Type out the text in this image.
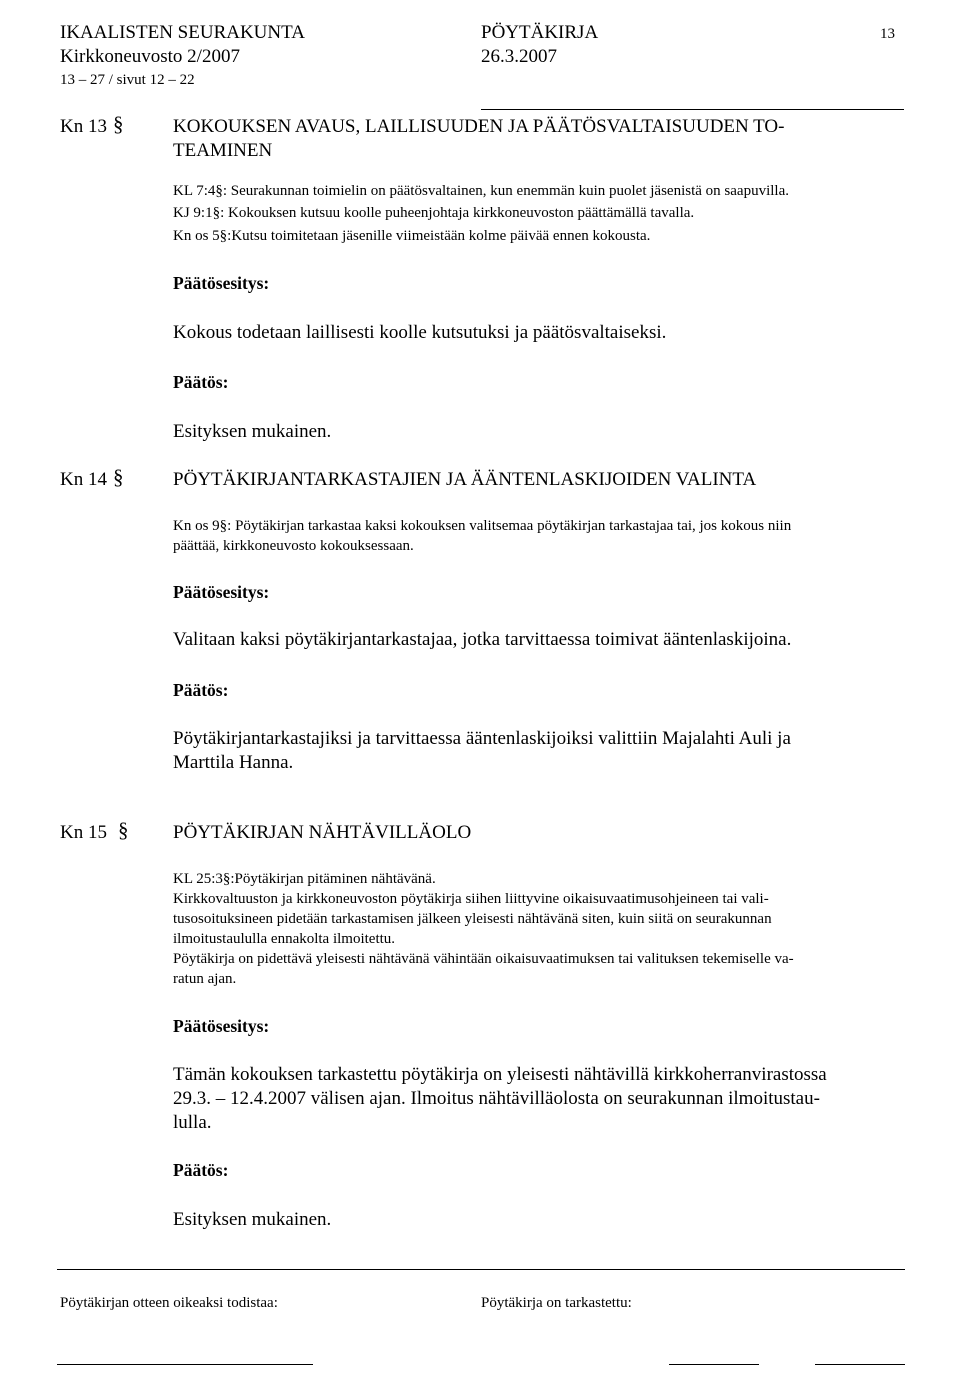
IKAALISTEN SEURAKUNTA	PÖYTÄKIRJA	13
Kirkkoneuvosto 2/2007	26.3.2007
13 – 27 / sivut 12 – 22
Kn 13 §	KOKOUKSEN AVAUS, LAILLISUUDEN JA PÄÄTÖSVALTAISUUDEN TO-
TEAMINEN
KL 7:4§: Seurakunnan toimielin on päätösvaltainen, kun enemmän kuin puolet jäsenistä on saapuvilla.
KJ 9:1§: Kokouksen kutsuu koolle puheenjohtaja kirkkoneuvoston päättämällä tavalla.
Kn os 5§:Kutsu toimitetaan jäsenille viimeistään kolme päivää ennen kokousta.
Päätösesitys:
Kokous todetaan laillisesti koolle kutsutuksi ja päätösvaltaiseksi.
Päätös:
Esityksen mukainen.
Kn 14 §	PÖYTÄKIRJANTARKASTAJIEN JA ÄÄNTENLASKIJOIDEN VALINTA
Kn os 9§: Pöytäkirjan tarkastaa kaksi kokouksen valitsemaa pöytäkirjan tarkastajaa tai, jos kokous niin
päättää, kirkkoneuvosto kokouksessaan.
Päätösesitys:
Valitaan kaksi pöytäkirjantarkastajaa, jotka tarvittaessa toimivat ääntenlaskijoina.
Päätös:
Pöytäkirjantarkastajiksi ja tarvittaessa ääntenlaskijoiksi valittiin Majalahti Auli ja
Marttila Hanna.
Kn 15 § PÖYTÄKIRJAN NÄHTÄVILLÄOLO
KL 25:3§:Pöytäkirjan pitäminen nähtävänä.
Kirkkovaltuuston ja kirkkoneuvoston pöytäkirja siihen liittyvine oikaisuvaatimusohjeineen tai vali-
tusosoituksineen pidetään tarkastamisen jälkeen yleisesti nähtävänä siten, kuin siitä on seurakunnan
ilmoitustaululla ennakolta ilmoitettu.
Pöytäkirja on pidettävä yleisesti nähtävänä vähintään oikaisuvaatimuksen tai valituksen tekemiselle va-
ratun ajan.
Päätösesitys:
Tämän kokouksen tarkastettu pöytäkirja on yleisesti nähtävillä kirkkoherranvirastossa
29.3. – 12.4.2007 välisen ajan. Ilmoitus nähtävilläolosta on seurakunnan ilmoitustau-
lulla.
Päätös:
Esityksen mukainen.
Pöytäkirjan otteen oikeaksi todistaa:	Pöytäkirja on tarkastettu:
